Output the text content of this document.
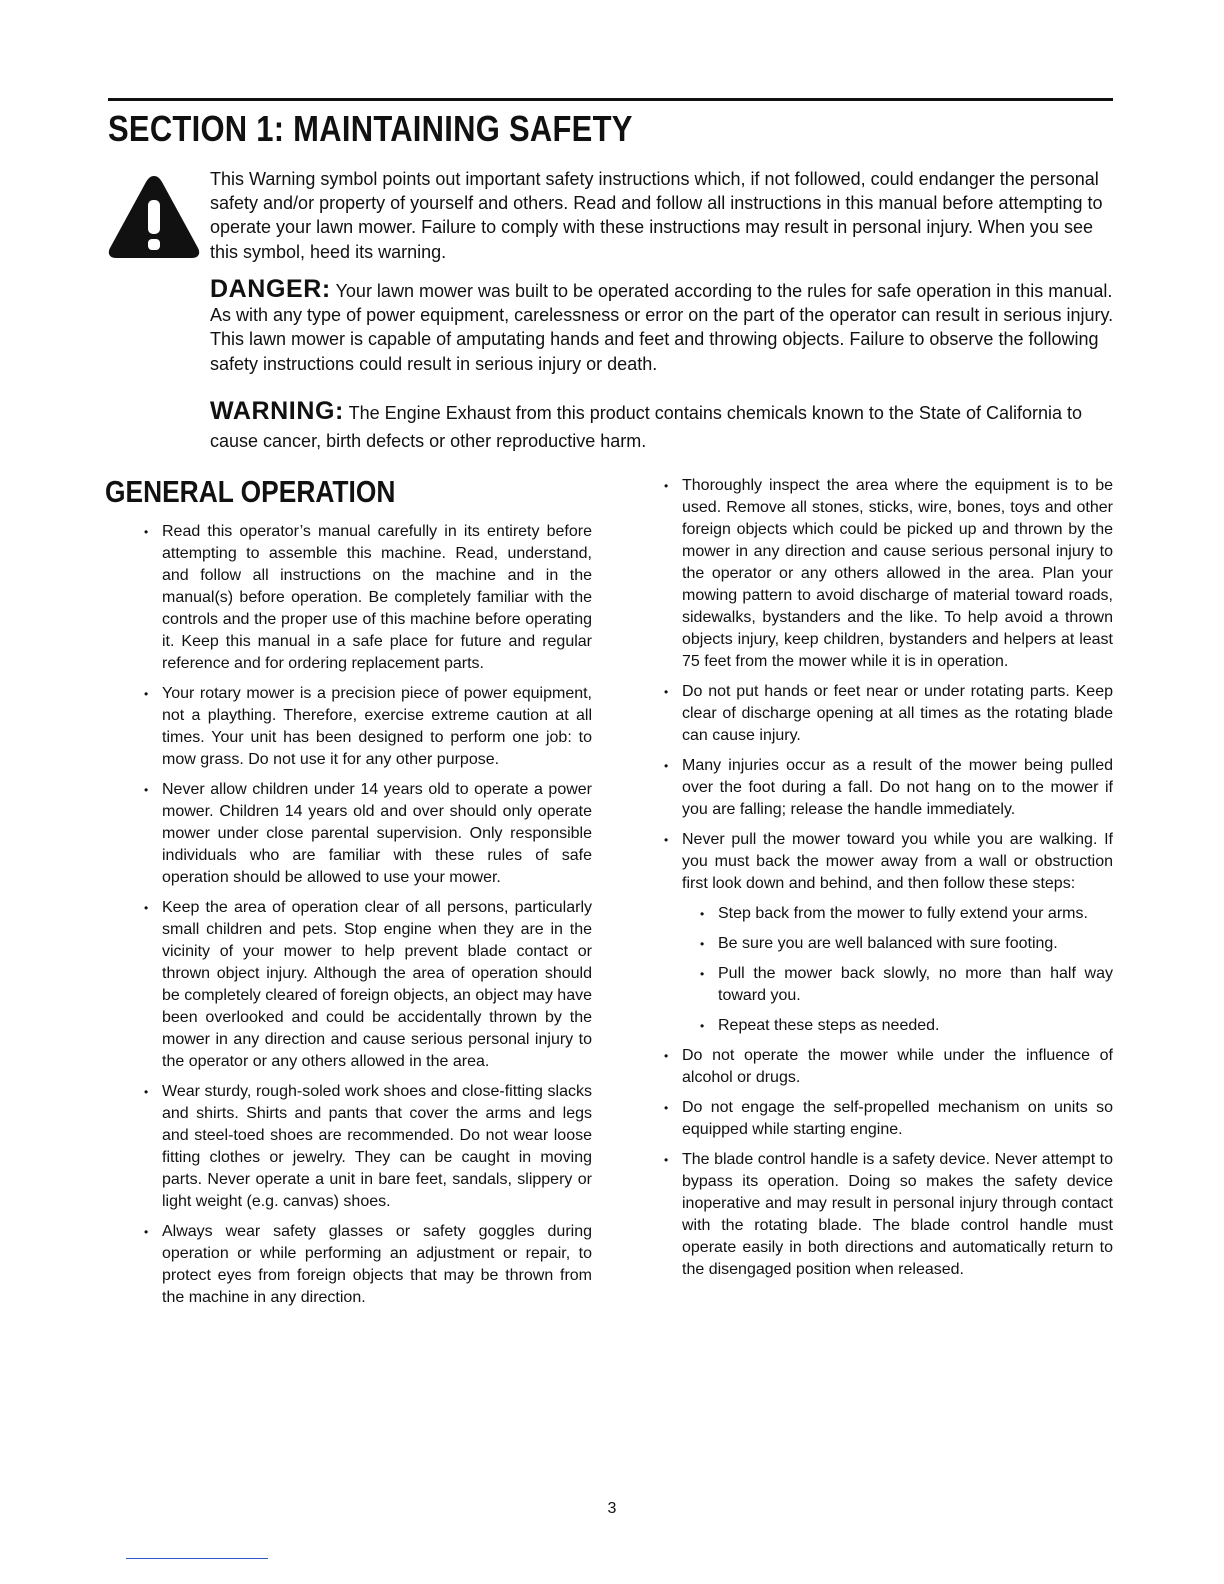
SECTION 1: MAINTAINING SAFETY

This Warning symbol points out important safety instructions which, if not followed, could endanger the personal safety and/or property of yourself and others. Read and follow all instructions in this manual before attempting to operate your lawn mower. Failure to comply with these instructions may result in personal injury. When you see this symbol, heed its warning.

DANGER: Your lawn mower was built to be operated according to the rules for safe operation in this manual. As with any type of power equipment, carelessness or error on the part of the operator can result in serious injury. This lawn mower is capable of amputating hands and feet and throwing objects. Failure to observe the following safety instructions could result in serious injury or death.

WARNING: The Engine Exhaust from this product contains chemicals known to the State of California to cause cancer, birth defects or other reproductive harm.

GENERAL OPERATION
• Read this operator’s manual carefully in its entirety before attempting to assemble this machine. Read, understand, and follow all instructions on the machine and in the manual(s) before operation. Be completely familiar with the controls and the proper use of this machine before operating it. Keep this manual in a safe place for future and regular reference and for ordering replacement parts.
• Your rotary mower is a precision piece of power equipment, not a plaything. Therefore, exercise extreme caution at all times. Your unit has been designed to perform one job: to mow grass. Do not use it for any other purpose.
• Never allow children under 14 years old to operate a power mower. Children 14 years old and over should only operate mower under close parental supervision. Only responsible individuals who are familiar with these rules of safe operation should be allowed to use your mower.
• Keep the area of operation clear of all persons, particularly small children and pets. Stop engine when they are in the vicinity of your mower to help prevent blade contact or thrown object injury. Although the area of operation should be completely cleared of foreign objects, an object may have been overlooked and could be accidentally thrown by the mower in any direction and cause serious personal injury to the operator or any others allowed in the area.
• Wear sturdy, rough-soled work shoes and close-fitting slacks and shirts. Shirts and pants that cover the arms and legs and steel-toed shoes are recommended. Do not wear loose fitting clothes or jewelry. They can be caught in moving parts. Never operate a unit in bare feet, sandals, slippery or light weight (e.g. canvas) shoes.
• Always wear safety glasses or safety goggles during operation or while performing an adjustment or repair, to protect eyes from foreign objects that may be thrown from the machine in any direction.
• Thoroughly inspect the area where the equipment is to be used. Remove all stones, sticks, wire, bones, toys and other foreign objects which could be picked up and thrown by the mower in any direction and cause serious personal injury to the operator or any others allowed in the area. Plan your mowing pattern to avoid discharge of material toward roads, sidewalks, bystanders and the like. To help avoid a thrown objects injury, keep children, bystanders and helpers at least 75 feet from the mower while it is in operation.
• Do not put hands or feet near or under rotating parts. Keep clear of discharge opening at all times as the rotating blade can cause injury.
• Many injuries occur as a result of the mower being pulled over the foot during a fall. Do not hang on to the mower if you are falling; release the handle immediately.
• Never pull the mower toward you while you are walking. If you must back the mower away from a wall or obstruction first look down and behind, and then follow these steps:
• Step back from the mower to fully extend your arms.
• Be sure you are well balanced with sure footing.
• Pull the mower back slowly, no more than half way toward you.
• Repeat these steps as needed.
• Do not operate the mower while under the influence of alcohol or drugs.
• Do not engage the self-propelled mechanism on units so equipped while starting engine.
• The blade control handle is a safety device. Never attempt to bypass its operation. Doing so makes the safety device inoperative and may result in personal injury through contact with the rotating blade. The blade control handle must operate easily in both directions and automatically return to the disengaged position when released.
3
